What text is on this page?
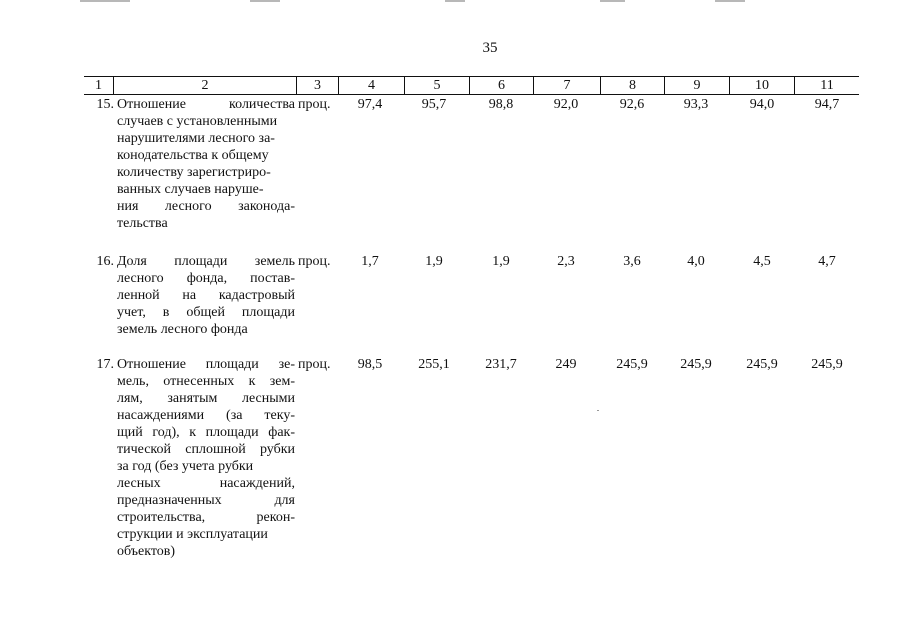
35
1	2	3	4	5	6	7	8	9	10	11
15. Отношение количества
случаев с установленными
нарушителями лесного за-
конодательства к общему
количеству зарегистриро-
ванных случаев наруше-
ния лесного законода-
тельства
проц.	97,4	95,7	98,8	92,0	92,6	93,3	94,0	94,7
16. Доля площади земель
лесного фонда, постав-
ленной на кадастровый
учет, в общей площади
земель лесного фонда
проц.	1,7	1,9	1,9	2,3	3,6	4,0	4,5	4,7
17. Отношение площади зе-
мель, отнесенных к зем-
лям, занятым лесными
насаждениями (за теку-
щий год), к площади фак-
тической сплошной рубки
за год (без учета рубки
лесных насаждений,
предназначенных для
строительства, рекон-
струкции и эксплуатации
объектов)
проц.	98,5	255,1	231,7	249	245,9	245,9	245,9	245,9
